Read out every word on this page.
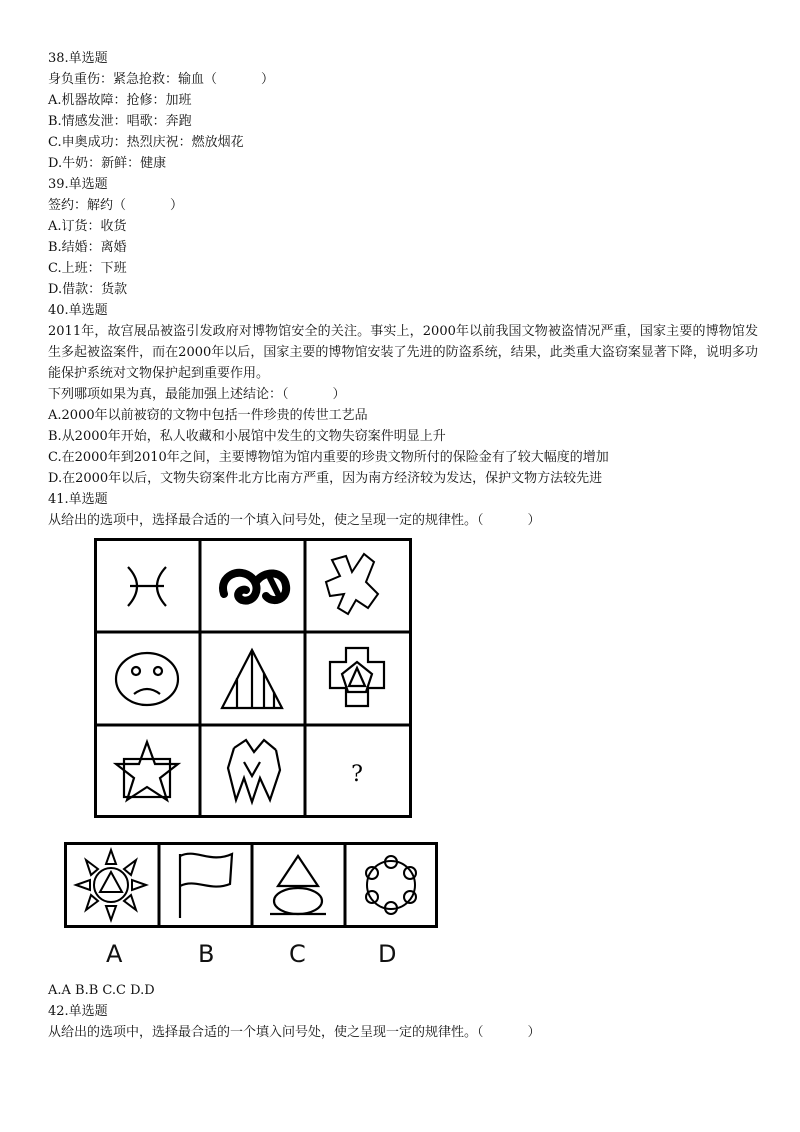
38.单选题
身负重伤：紧急抢救：输血（	）
A.机器故障：抢修：加班
B.情感发泄：唱歌：奔跑
C.申奥成功：热烈庆祝：燃放烟花
D.牛奶：新鲜：健康
39.单选题
签约：解约（	）
A.订货：收货
B.结婚：离婚
C.上班：下班
D.借款：货款
40.单选题
2011年，故宫展品被盗引发政府对博物馆安全的关注。事实上，2000年以前我国文物被盗情况严重，国家主要的博物馆发生多起被盗案件，而在2000年以后，国家主要的博物馆安装了先进的防盗系统，结果，此类重大盗窃案显著下降，说明多功能保护系统对文物保护起到重要作用。
下列哪项如果为真，最能加强上述结论：（	）
A.2000年以前被窃的文物中包括一件珍贵的传世工艺品
B.从2000年开始，私人收藏和小展馆中发生的文物失窃案件明显上升
C.在2000年到2010年之间，主要博物馆为馆内重要的珍贵文物所付的保险金有了较大幅度的增加
D.在2000年以后，文物失窃案件北方比南方严重，因为南方经济较为发达，保护文物方法较先进
41.单选题
从给出的选项中，选择最合适的一个填入问号处，使之呈现一定的规律性。（	）
?
A	B	C	D
A.A B.B C.C D.D
42.单选题
从给出的选项中，选择最合适的一个填入问号处，使之呈现一定的规律性。（	）
